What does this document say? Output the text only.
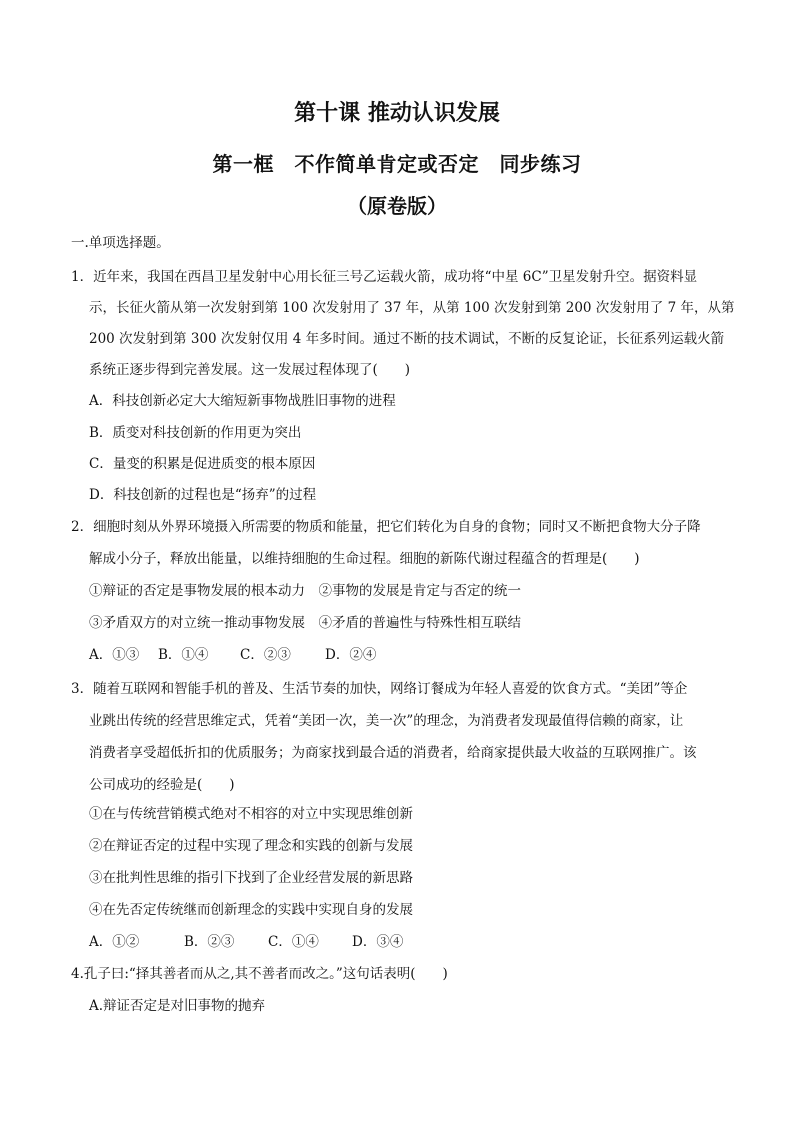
第十课 推动认识发展
第一框　不作简单肯定或否定　同步练习
（原卷版）
一.单项选择题。
1．近年来，我国在西昌卫星发射中心用长征三号乙运载火箭，成功将“中星 6C”卫星发射升空。据资料显
示，长征火箭从第一次发射到第 100 次发射用了 37 年，从第 100 次发射到第 200 次发射用了 7 年，从第
200 次发射到第 300 次发射仅用 4 年多时间。通过不断的技术调试，不断的反复论证，长征系列运载火箭
系统正逐步得到完善发展。这一发展过程体现了(　　)
A．科技创新必定大大缩短新事物战胜旧事物的进程
B．质变对科技创新的作用更为突出
C．量变的积累是促进质变的根本原因
D．科技创新的过程也是“扬弃”的过程
2．细胞时刻从外界环境摄入所需要的物质和能量，把它们转化为自身的食物；同时又不断把食物大分子降
解成小分子，释放出能量，以维持细胞的生命过程。细胞的新陈代谢过程蕴含的哲理是(　　)
①辩证的否定是事物发展的根本动力　②事物的发展是肯定与否定的统一
③矛盾双方的对立统一推动事物发展　④矛盾的普遍性与特殊性相互联结
A．①③ B．①④ C．②③	D．②④
3．随着互联网和智能手机的普及、生活节奏的加快，网络订餐成为年轻人喜爱的饮食方式。“美团”等企
业跳出传统的经营思维定式，凭着“美团一次，美一次”的理念，为消费者发现最值得信赖的商家，让
消费者享受超低折扣的优质服务；为商家找到最合适的消费者，给商家提供最大收益的互联网推广。该
公司成功的经验是(　　)
①在与传统营销模式绝对不相容的对立中实现思维创新
②在辩证否定的过程中实现了理念和实践的创新与发展
③在批判性思维的指引下找到了企业经营发展的新思路
④在先否定传统继而创新理念的实践中实现自身的发展
A．①②	B．②③ C．①④ D．③④
4.孔子曰:“择其善者而从之,其不善者而改之。”这句话表明(　　)
A.辩证否定是对旧事物的抛弃
